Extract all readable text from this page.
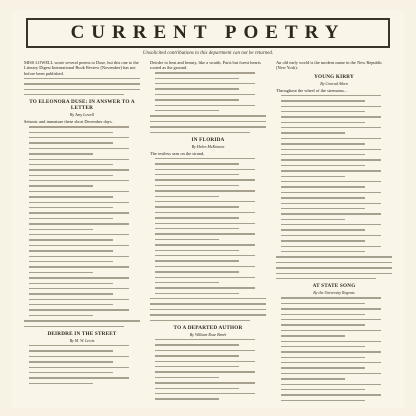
CURRENT POETRY
Unsolicited contributions to this department can not be returned.

MISS LOWELL wrote several poems to Duse, but this one to the Literary Digest International Book Review (November) has not before been published.

TO ELEONORA DUSE: IN ANSWER TO A LETTER
By Amy Lowell

Seismic and immature these short December days.

DEIRDRE IN THE STREET
By M. W. Lewis

Deirdre to beat and beauty, like a wraith, Paris but forest hearts rooted as the ground.

IN FLORIDA
By Helen McKinnon

The restless seas on the strand,

TO A DEPARTED AUTHOR
By William Rose Benét

An old early world is the modern name in the New Republic (New York):

YOUNG KIRBY
By Conrad Aiken

Throughout the wheel of the strenuous...

AT STATE SONG
By the University Regents
